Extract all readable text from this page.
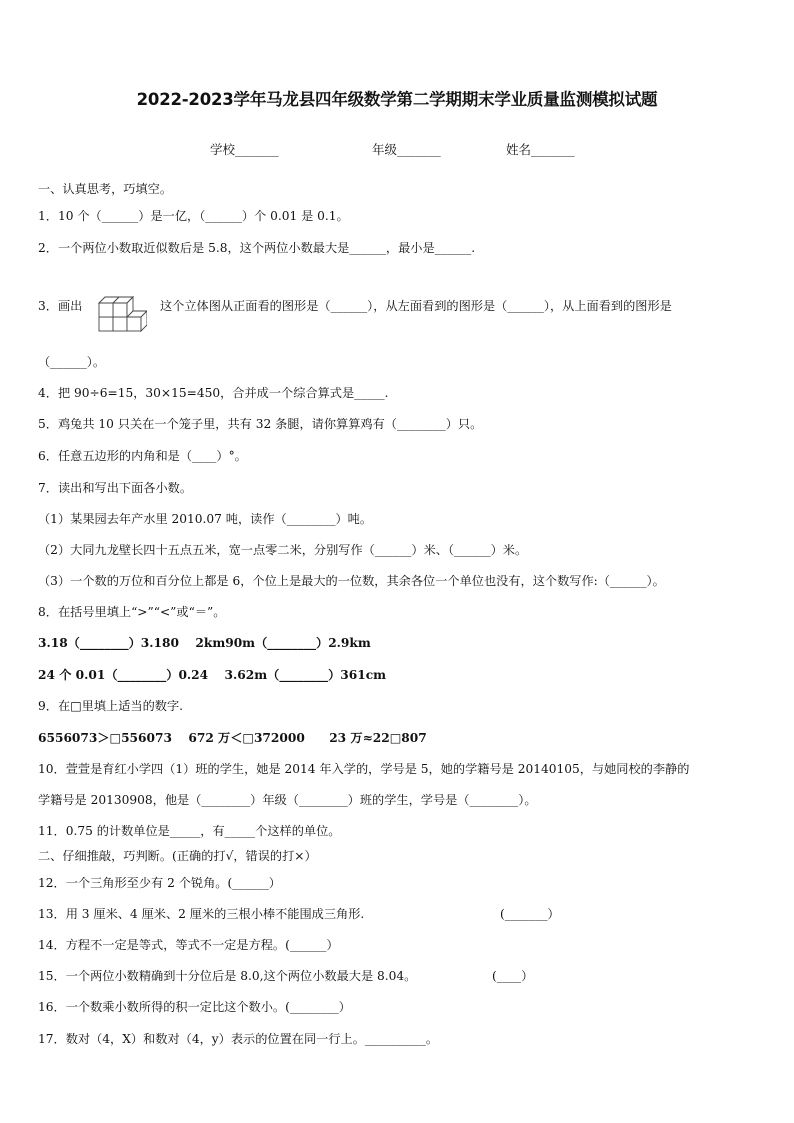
2022-2023学年马龙县四年级数学第二学期期末学业质量监测模拟试题
学校_______	年级_______	姓名_______
一、认真思考，巧填空。
1．10 个（______）是一亿，（______）个 0.01 是 0.1。
2．一个两位小数取近似数后是 5.8，这个两位小数最大是______，最小是______.
3．画出	这个立体图从正面看的图形是（______），从左面看到的图形是（______），从上面看到的图形是
（______）。
4．把 90÷6=15，30×15=450，合并成一个综合算式是_____.
5．鸡兔共 10 只关在一个笼子里，共有 32 条腿，请你算算鸡有（________）只。
6．任意五边形的内角和是（____）°。
7．读出和写出下面各小数。
（1）某果园去年产水里 2010.07 吨，读作（________）吨。
（2）大同九龙壁长四十五点五米，宽一点零二米，分别写作（______）米、（______）米。
（3）一个数的万位和百分位上都是 6，个位上是最大的一位数，其余各位一个单位也没有，这个数写作:（______）。
8．在括号里填上“>”“<”或“＝”。
3.18（________）3.180　 2km90m（________）2.9km
24 个 0.01（________）0.24　 3.62m（________）361cm
9．在□里填上适当的数字.
6556073＞□556073　 672 万＜□372000　　23 万≈22□807
10．萱萱是育红小学四（1）班的学生，她是 2014 年入学的，学号是 5，她的学籍号是 20140105，与她同校的李静的
学籍号是 20130908，他是（________）年级（________）班的学生，学号是（________）。
11．0.75 的计数单位是_____，有_____个这样的单位。
二、仔细推敲，巧判断。(正确的打√，错误的打×）
12．一个三角形至少有 2 个锐角。(______）
13．用 3 厘米、4 厘米、2 厘米的三根小棒不能围成三角形.	(_______）
14．方程不一定是等式，等式不一定是方程。(______）
15．一个两位小数精确到十分位后是 8.0,这个两位小数最大是 8.04。	(____）
16．一个数乘小数所得的积一定比这个数小。(________）
17．数对（4，X）和数对（4，y）表示的位置在同一行上。__________。
